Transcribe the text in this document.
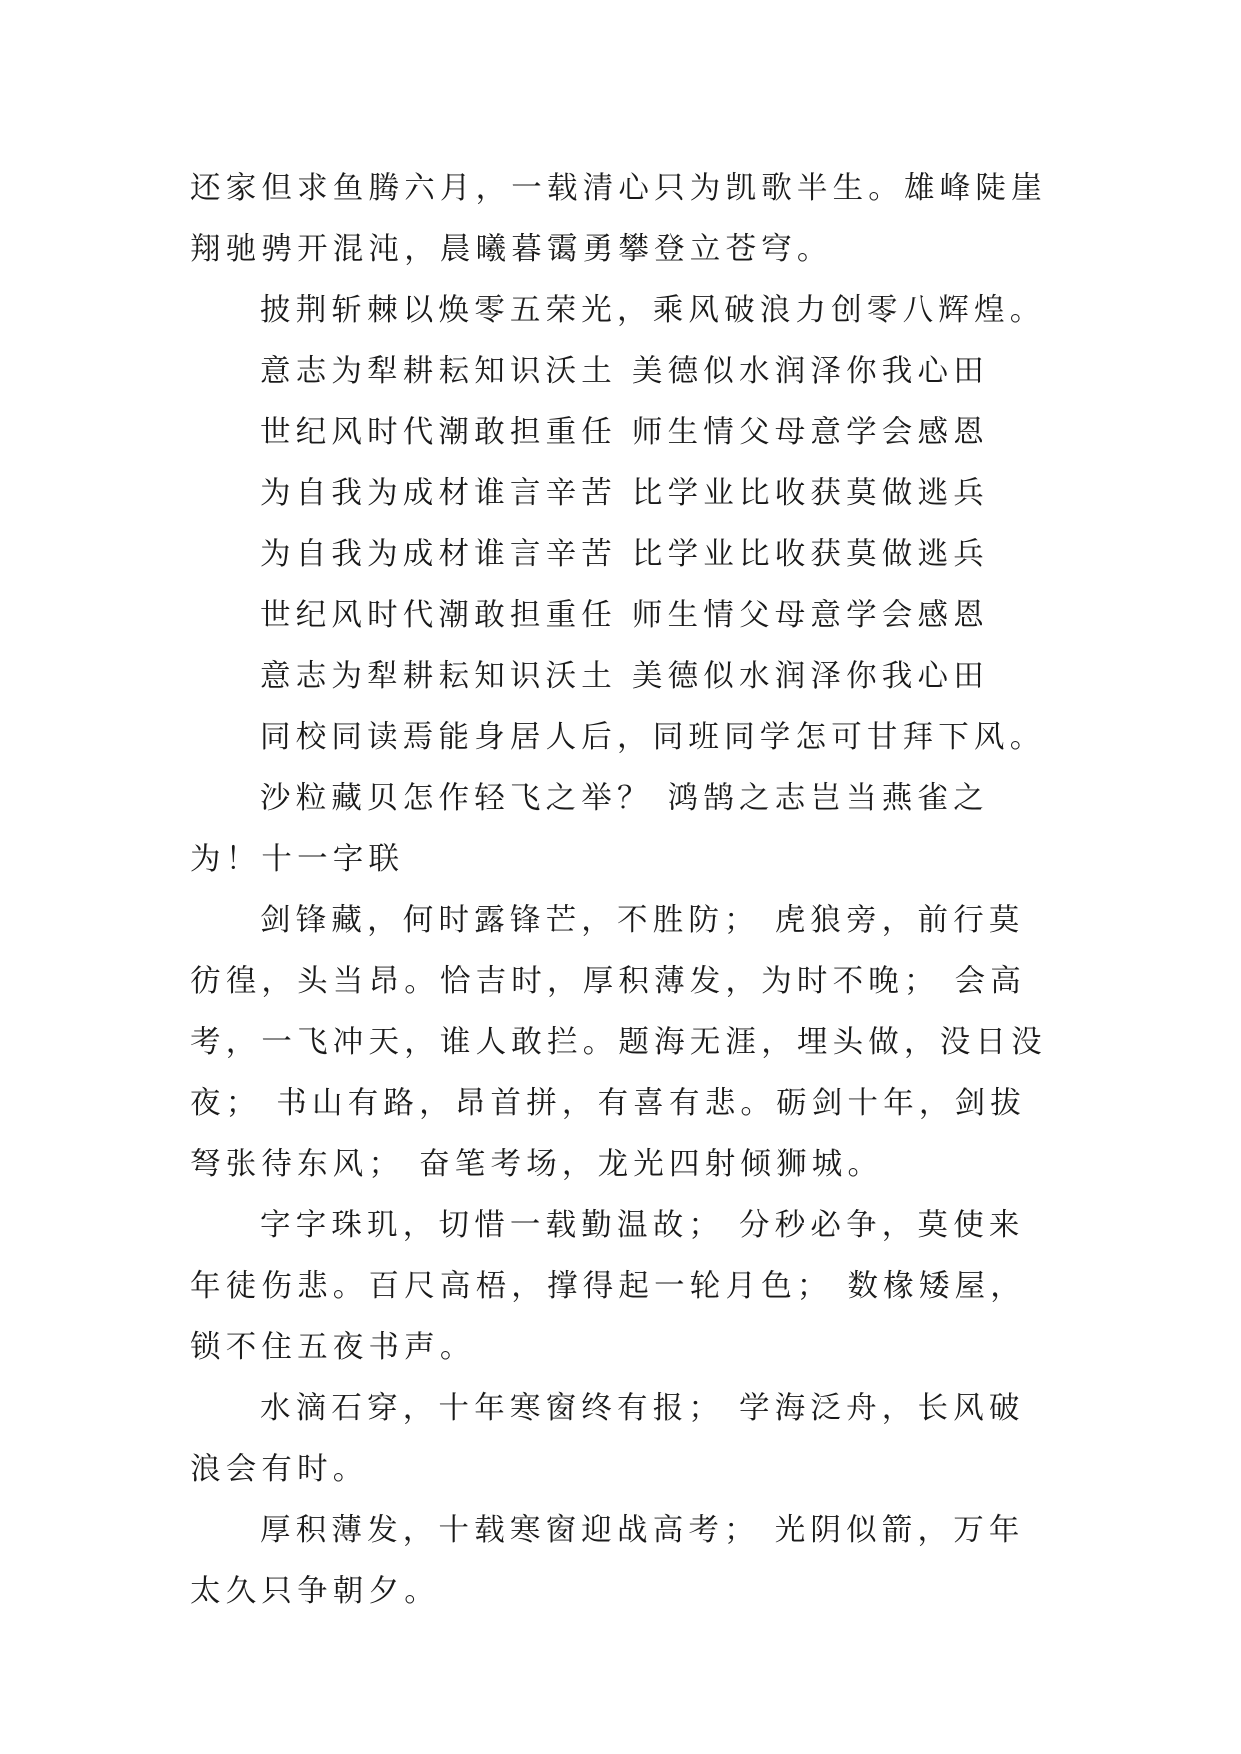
还家但求鱼腾六月，一载清心只为凯歌半生。雄峰陡崖翔驰骋开混沌，晨曦暮霭勇攀登立苍穹。

披荆斩棘以焕零五荣光，乘风破浪力创零八辉煌。

意志为犁耕耘知识沃土 美德似水润泽你我心田

世纪风时代潮敢担重任 师生情父母意学会感恩

为自我为成材谁言辛苦 比学业比收获莫做逃兵

为自我为成材谁言辛苦 比学业比收获莫做逃兵

世纪风时代潮敢担重任 师生情父母意学会感恩

意志为犁耕耘知识沃土 美德似水润泽你我心田

同校同读焉能身居人后，同班同学怎可甘拜下风。

沙粒藏贝怎作轻飞之举？ 鸿鹄之志岂当燕雀之为！十一字联

剑锋藏，何时露锋芒，不胜防； 虎狼旁，前行莫彷徨，头当昂。恰吉时，厚积薄发，为时不晚； 会高考，一飞冲天，谁人敢拦。题海无涯，埋头做，没日没夜； 书山有路，昂首拼，有喜有悲。砺剑十年，剑拔弩张待东风； 奋笔考场，龙光四射倾狮城。

字字珠玑，切惜一载勤温故； 分秒必争，莫使来年徒伤悲。百尺高梧，撑得起一轮月色； 数椽矮屋，锁不住五夜书声。

水滴石穿，十年寒窗终有报； 学海泛舟，长风破浪会有时。

厚积薄发，十载寒窗迎战高考； 光阴似箭，万年太久只争朝夕。
